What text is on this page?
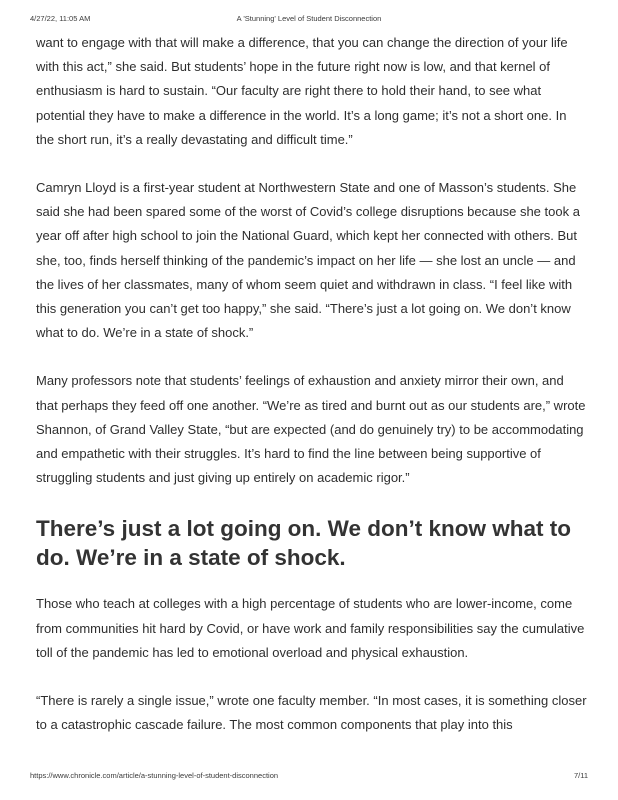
4/27/22, 11:05 AM	A 'Stunning' Level of Student Disconnection

want to engage with that will make a difference, that you can change the direction of your life with this act,” she said. But students’ hope in the future right now is low, and that kernel of enthusiasm is hard to sustain. “Our faculty are right there to hold their hand, to see what potential they have to make a difference in the world. It’s a long game; it’s not a short one. In the short run, it’s a really devastating and difficult time.”

Camryn Lloyd is a first-year student at Northwestern State and one of Masson’s students. She said she had been spared some of the worst of Covid’s college disruptions because she took a year off after high school to join the National Guard, which kept her connected with others. But she, too, finds herself thinking of the pandemic’s impact on her life — she lost an uncle — and the lives of her classmates, many of whom seem quiet and withdrawn in class. “I feel like with this generation you can’t get too happy,” she said. “There’s just a lot going on. We don’t know what to do. We’re in a state of shock.”

Many professors note that students’ feelings of exhaustion and anxiety mirror their own, and that perhaps they feed off one another. “We’re as tired and burnt out as our students are,” wrote Shannon, of Grand Valley State, “but are expected (and do genuinely try) to be accommodating and empathetic with their struggles. It’s hard to find the line between being supportive of struggling students and just giving up entirely on academic rigor.”

There’s just a lot going on. We don’t know what to do. We’re in a state of shock.

Those who teach at colleges with a high percentage of students who are lower-income, come from communities hit hard by Covid, or have work and family responsibilities say the cumulative toll of the pandemic has led to emotional overload and physical exhaustion.

“There is rarely a single issue,” wrote one faculty member. “In most cases, it is something closer to a catastrophic cascade failure. The most common components that play into this

https://www.chronicle.com/article/a-stunning-level-of-student-disconnection	7/11
